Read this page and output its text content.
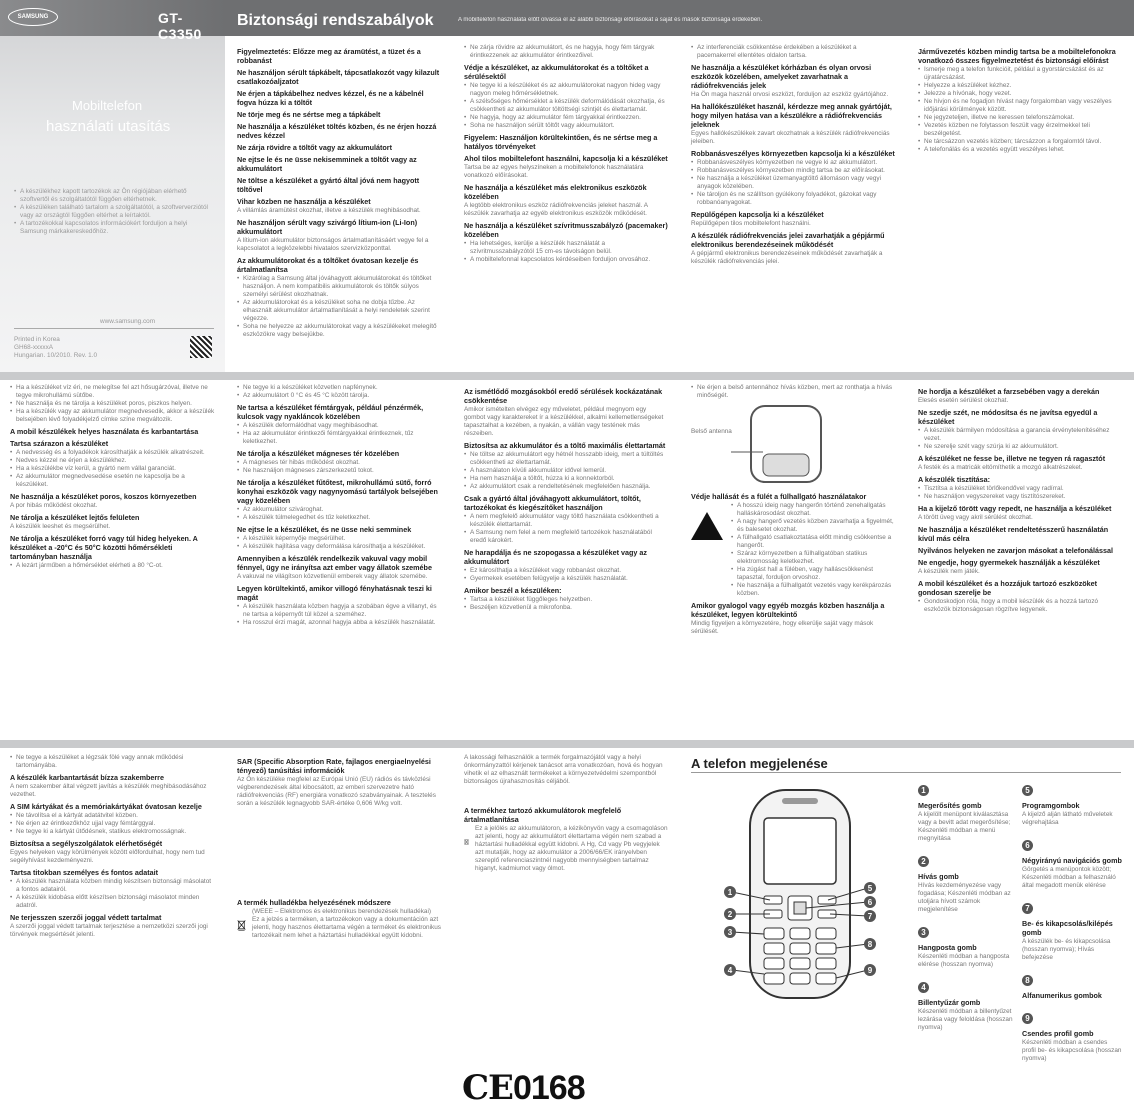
SAMSUNG	GT-C3350
Mobiltelefon
használati utasítás
• A készülékhez kapott tartozékok az Ön régiójában elérhető szoftvertől és szolgáltatótól függően eltérhetnek.
• A készüléken található tartalom a szolgáltatótól, a szoftververziótól vagy az országtól függően eltérhet a leírtaktól.
• A tartozékokkal kapcsolatos információkért forduljon a helyi Samsung márkakereskedőhöz.
www.samsung.com
Printed in Korea
GH68-xxxxxA
Hungarian. 10/2010. Rev. 1.0
Biztonsági rendszabályok	A mobiltelefon használata előtt olvassa el az alábbi biztonsági előírásokat a saját és mások biztonsága érdekében.
Figyelmeztetés: Előzze meg az áramütést, a tüzet és a robbanást
Ne használjon sérült tápkábelt, tápcsatlakozót vagy kilazult csatlakozóaljzatot
Ne érjen a tápkábelhez nedves kézzel, és ne a kábelnél fogva húzza ki a töltőt
Ne törje meg és ne sértse meg a tápkábelt
Ne használja a készüléket töltés közben, és ne érjen hozzá nedves kézzel
Ne zárja rövidre a töltőt vagy az akkumulátort
Ne ejtse le és ne üsse nekisemminek a töltőt vagy az akkumulátort
Ne töltse a készüléket a gyártó által jóvá nem hagyott töltővel
Vihar közben ne használja a készüléket
A villámlás áramütést okozhat, illetve a készülék meghibásodhat.
Ne használjon sérült vagy szivárgó lítium-ion (Li-Ion) akkumulátort
A lítium-ion akkumulátor biztonságos ártalmatlanításáért vegye fel a kapcsolatot a legközelebbi hivatalos szervizközponttal.
Az akkumulátorokat és a töltőket óvatosan kezelje és ártalmatlanítsa
• Kizárólag a Samsung által jóváhagyott akkumulátorokat és töltőket használjon. A nem kompatibilis akkumulátorok és töltők súlyos személyi sérülést okozhatnak.
• Az akkumulátorokat és a készüléket soha ne dobja tűzbe. Az elhasznált akkumulátor ártalmatlanítását a helyi rendeletek szerint végezze.
• Soha ne helyezze az akkumulátorokat vagy a készülékeket melegítő eszközökre vagy belsejükbe.
• Ne zárja rövidre az akkumulátort, és ne hagyja, hogy fém tárgyak érintkezzenek az akkumulátor érintkezőivel.
Védje a készüléket, az akkumulátorokat és a töltőket a sérülésektől
• Ne tegye ki a készüléket és az akkumulátorokat nagyon hideg vagy nagyon meleg hőmérsékletnek.
• A szélsőséges hőmérséklet a készülék deformálódását okozhatja, és csökkentheti az akkumulátor töltöttségi szintjét és élettartamát.
• Ne hagyja, hogy az akkumulátor fém tárgyakkal érintkezzen.
• Soha ne használjon sérült töltőt vagy akkumulátort.
Figyelem: Használjon körültekintően, és ne sértse meg a hatályos törvényeket
Ahol tilos mobiltelefont használni, kapcsolja ki a készüléket
Tartsa be az egyes helyszíneken a mobiltelefonok használatára vonatkozó előírásokat.
Ne használja a készüléket más elektronikus eszközök közelében
A legtöbb elektronikus eszköz rádiófrekvenciás jeleket használ. A készülék zavarhatja az egyéb elektronikus eszközök működését.
Ne használja a készüléket szívritmusszabályzó (pacemaker) közelében
• Ha lehetséges, kerülje a készülék használatát a szívritmusszabályzótól 15 cm-es távolságon belül.
• A mobiltelefonnal kapcsolatos kérdéseiben forduljon orvosához.
• Az interferenciák csökkentése érdekében a készüléket a pacemakerrel ellentétes oldalon tartsa.
Ne használja a készüléket kórházban és olyan orvosi eszközök közelében, amelyeket zavarhatnak a rádiófrekvenciás jelek
Ha Ön maga használ orvosi eszközt, forduljon az eszköz gyártójához.
Ha hallókészüléket használ, kérdezze meg annak gyártóját, hogy milyen hatása van a készülékre a rádiófrekvenciás jeleknek
Egyes hallókészülékek zavart okozhatnak a készülék rádiófrekvenciás jeleiben.
Robbanásveszélyes környezetben kapcsolja ki a készüléket
• Robbanásveszélyes környezetben ne vegye ki az akkumulátort.
• Robbanásveszélyes környezetben mindig tartsa be az előírásokat.
• Ne használja a készüléket üzemanyagtöltő állomáson vagy vegyi anyagok közelében.
• Ne tároljon és ne szállítson gyúlékony folyadékot, gázokat vagy robbanóanyagokat.
Repülőgépen kapcsolja ki a készüléket
Repülőgépen tilos mobiltelefont használni.
A készülék rádiófrekvenciás jelei zavarhatják a gépjármű elektronikus berendezéseinek működését
A gépjármű elektronikus berendezéseinek működését zavarhatják a készülék rádiófrekvenciás jelei.
Járművezetés közben mindig tartsa be a mobiltelefonokra vonatkozó összes figyelmeztetést és biztonsági előírást
• Ismerje meg a telefon funkcióit, például a gyorstárcsázást és az újratárcsázást.
• Helyezze a készüléket kézhez.
• Jelezze a hívónak, hogy vezet.
• Ne hívjon és ne fogadjon hívást nagy forgalomban vagy veszélyes időjárási körülmények között.
• Ne jegyzeteljen, illetve ne keressen telefonszámokat.
• Vezetés közben ne folytasson feszült vagy érzelmekkel teli beszélgetést.
• Ne tárcsázzon vezetés közben; tárcsázzon a forgalomtól távol.
• A telefonálás és a vezetés együtt veszélyes lehet.
• Ha a készüléket víz éri, ne melegítse fel azt hősugárzóval, illetve ne tegye mikrohullámú sütőbe.
• Ne használja és ne tárolja a készüléket poros, piszkos helyen.
• Ha a készülék vagy az akkumulátor megnedvesedik, akkor a készülék belsejében lévő folyadékjelző címke színe megváltozik.
A mobil készülékek helyes használata és karbantartása
Tartsa szárazon a készüléket
• A nedvesség és a folyadékok károsíthatják a készülék alkatrészeit.
• Nedves kézzel ne érjen a készülékhez.
• Ha a készülékbe víz kerül, a gyártó nem vállal garanciát.
• Az akkumulátor megnedvesedése esetén ne kapcsolja be a készüléket.
Ne használja a készüléket poros, koszos környezetben
A por hibás működést okozhat.
Ne tárolja a készüléket lejtős felületen
A készülék leeshet és megsérülhet.
Ne tárolja a készüléket forró vagy túl hideg helyeken. A készüléket a -20°C és 50°C közötti hőmérsékleti tartományban használja
• A lezárt járműben a hőmérséklet elérheti a 80 °C-ot.
• Ne tegye ki a készüléket közvetlen napfénynek.
• Az akkumulátort 0 °C és 45 °C között tárolja.
Ne tartsa a készüléket fémtárgyak, például pénzérmék, kulcsok vagy nyakláncok közelében
• A készülék deformálódhat vagy meghibásodhat.
• Ha az akkumulátor érintkezői fémtárgyakkal érintkeznek, tűz keletkezhet.
Ne tárolja a készüléket mágneses tér közelében
• A mágneses tér hibás működést okozhat.
• Ne használjon mágneses zárszerkezetű tokot.
Ne tárolja a készüléket fűtőtest, mikrohullámú sütő, forró konyhai eszközök vagy nagynyomású tartályok belsejében vagy közelében
• Az akkumulátor szivároghat.
• A készülék túlmelegedhet és tűz keletkezhet.
Ne ejtse le a készüléket, és ne üsse neki semminek
• A készülék képernyője megsérülhet.
• A készülék hajlítása vagy deformálása károsíthatja a készüléket.
Amennyiben a készülék rendelkezik vakuval vagy mobil fénnyel, ügy ne irányítsa azt ember vagy állatok szemébe
A vakuval ne világítson közvetlenül emberek vagy állatok szemébe.
Legyen körültekintő, amikor villogó fényhatásnak teszi ki magát
• A készülék használata közben hagyja a szobában égve a villanyt, és ne tartsa a képernyőt túl közel a szeméhez.
• Ha rosszul érzi magát, azonnal hagyja abba a készülék használatát.
Az ismétlődő mozgásokból eredő sérülések kockázatának csökkentése
Amikor ismételten elvégez egy műveletet, például megnyom egy gombot vagy karaktereket ír a készülékkel, alkalmi kellemetlenségeket tapasztalhat a kezében, a nyakán, a vállán vagy testének más részeiben.
Biztosítsa az akkumulátor és a töltő maximális élettartamát
• Ne töltse az akkumulátort egy hétnél hosszabb ideig, mert a túltöltés csökkentheti az élettartamát.
• A használaton kívüli akkumulátor idővel lemerül.
• Ha nem használja a töltőt, húzza ki a konnektorból.
• Az akkumulátort csak a rendeltetésének megfelelően használja.
Csak a gyártó által jóváhagyott akkumulátort, töltőt, tartozékokat és kiegészítőket használjon
• A nem megfelelő akkumulátor vagy töltő használata csökkentheti a készülék élettartamát.
• A Samsung nem felel a nem megfelelő tartozékok használatából eredő károkért.
Ne harapdálja és ne szopogassa a készüléket vagy az akkumulátort
• Ez károsíthatja a készüléket vagy robbanást okozhat.
• Gyermekek esetében felügyelje a készülék használatát.
Amikor beszél a készüléken:
• Tartsa a készüléket függőleges helyzetben.
• Beszéljen közvetlenül a mikrofonba.
• Ne érjen a belső antennához hívás közben, mert az ronthatja a hívás minőségét.
Belső antenna
Védje hallását és a fülét a fülhallgató használatakor
• A hosszú ideig nagy hangerőn történő zenehallgatás halláskárosodást okozhat.
• A nagy hangerő vezetés közben zavarhatja a figyelmét, és balesetet okozhat.
• A fülhallgató csatlakoztatása előtt mindig csökkentse a hangerőt.
• Száraz környezetben a fülhallgatóban statikus elektromosság keletkezhet.
• Ha zúgást hall a fülében, vagy halláscsökkenést tapasztal, forduljon orvoshoz.
• Ne használja a fülhallgatót vezetés vagy kerékpározás közben.
Amikor gyalogol vagy egyéb mozgás közben használja a készüléket, legyen körültekintő
Mindig figyeljen a környezetére, hogy elkerülje saját vagy mások sérülését.
Ne hordja a készüléket a farzsebében vagy a derekán
Elesés esetén sérülést okozhat.
Ne szedje szét, ne módosítsa és ne javítsa egyedül a készüléket
• A készülék bármilyen módosítása a garancia érvénytelenítéséhez vezet.
• Ne szerelje szét vagy szúrja ki az akkumulátort.
A készüléket ne fesse be, illetve ne tegyen rá ragasztót
A festék és a matricák eltömíthetik a mozgó alkatrészeket.
A készülék tisztítása:
• Tisztítsa a készüléket törlőkendővel vagy radírral.
• Ne használjon vegyszereket vagy tisztítószereket.
Ha a kijelző törött vagy repedt, ne használja a készüléket
A törött üveg vagy akril sérülést okozhat.
Ne használja a készüléket rendeltetésszerű használatán kívül más célra
Nyilvános helyeken ne zavarjon másokat a telefonálással
Ne engedje, hogy gyermekek használják a készüléket
A készülék nem játék.
A mobil készüléket és a hozzájuk tartozó eszközöket gondosan szerelje be
• Gondoskodjon róla, hogy a mobil készülék és a hozzá tartozó eszközök biztonságosan rögzítve legyenek.
• Ne tegye a készüléket a légzsák fölé vagy annak működési tartományába.
A készülék karbantartását bízza szakemberre
A nem szakember által végzett javítás a készülék meghibásodásához vezethet.
A SIM kártyákat és a memóriakártyákat óvatosan kezelje
• Ne távolítsa el a kártyát adatátvitel közben.
• Ne érjen az érintkezőkhöz ujjal vagy fémtárggyal.
• Ne tegye ki a kártyát ütődésnek, statikus elektromosságnak.
Biztosítsa a segélyszolgálatok elérhetőségét
Egyes helyeken vagy körülmények között előfordulhat, hogy nem tud segélyhívást kezdeményezni.
Tartsa titokban személyes és fontos adatait
• A készülék használata közben mindig készítsen biztonsági másolatot a fontos adatairól.
• A készülék kidobása előtt készítsen biztonsági másolatot minden adatról.
Ne terjesszen szerzői joggal védett tartalmat
A szerzői joggal védett tartalmak terjesztése a nemzetközi szerzői jogi törvények megsértését jelenti.
SAR (Specific Absorption Rate, fajlagos energiaelnyelési tényező) tanúsítási információk
Az Ön készüléke megfelel az Európai Unió (EU) rádiós és távközlési végberendezések által kibocsátott, az emberi szervezetre ható rádiófrekvenciás (RF) energiára vonatkozó szabványainak. A tesztelés során a készülék legnagyobb SAR-értéke 0,606 W/kg volt.
A termék hulladékba helyezésének módszere
(WEEE – Elektromos és elektronikus berendezések hulladékai)
Ez a jelzés a terméken, a tartozékokon vagy a dokumentáción azt jelenti, hogy hasznos élettartama végén a terméket és elektronikus tartozékait nem lehet a háztartási hulladékkal együtt kidobni.
A lakossági felhasználók a termék forgalmazójától vagy a helyi önkormányzattól kérjenek tanácsot arra vonatkozóan, hová és hogyan vihetik el az elhasznált termékeket a környezetvédelmi szempontból biztonságos újrahasznosítás céljából.
A termékhez tartozó akkumulátorok megfelelő ártalmatlanítása
Ez a jelölés az akkumulátoron, a kézikönyvön vagy a csomagoláson azt jelenti, hogy az akkumulátort élettartama végén nem szabad a háztartási hulladékkal együtt kidobni. A Hg, Cd vagy Pb vegyjelek azt mutatják, hogy az akkumulátor a 2006/66/EK irányelvben szereplő referenciaszintnél nagyobb mennyiségben tartalmaz higanyt, kadmiumot vagy ólmot.
A telefon megjelenése
1
2
3
4
5
6
7
8
9
1
Megerősítés gomb
A kijelölt menüpont kiválasztása vagy a bevitt adat megerősítése; Készenléti módban a menü megnyitása
2
Hívás gomb
Hívás kezdeményezése vagy fogadása; Készenléti módban az utoljára hívott számok megjelenítése
3
Hangposta gomb
Készenléti módban a hangposta elérése (hosszan nyomva)
4
Billentyűzár gomb
Készenléti módban a billentyűzet lezárása vagy feloldása (hosszan nyomva)
5
Programgombok
A kijelző alján látható műveletek végrehajtása
6
Négyirányú navigációs gomb
Görgetés a menüpontok között; Készenléti módban a felhasználó által megadott menük elérése
7
Be- és kikapcsolás/kilépés gomb
A készülék be- és kikapcsolása (hosszan nyomva); Hívás befejezése
8
Alfanumerikus gombok
9
Csendes profil gomb
Készenléti módban a csendes profil be- és kikapcsolása (hosszan nyomva)
CE0168
